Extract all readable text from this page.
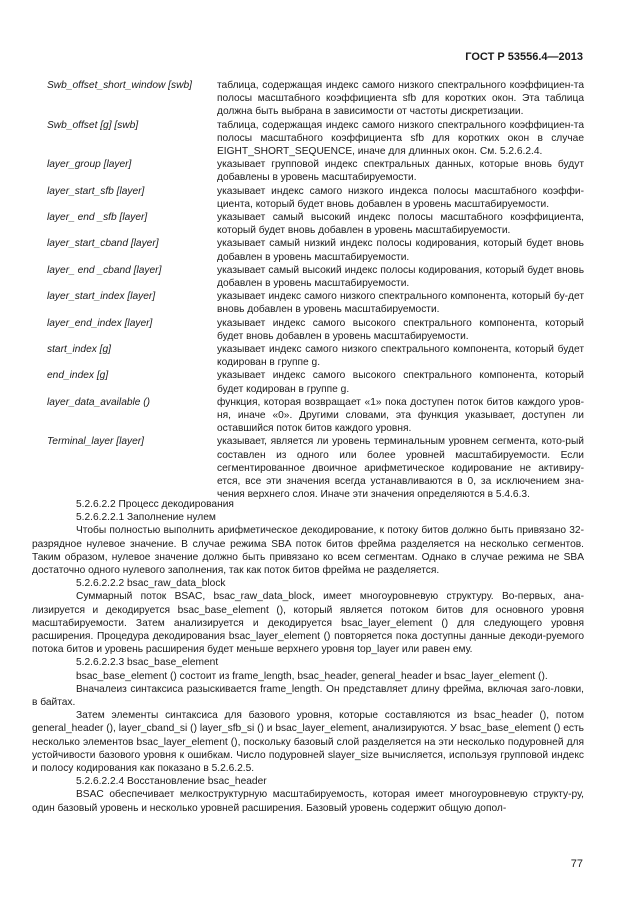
ГОСТ Р 53556.4—2013
Swb_offset_short_window [swb]	таблица, содержащая индекс самого низкого спектрального коэффициен-та полосы масштабного коэффициента sfb для коротких окон. Эта таблица должна быть выбрана в зависимости от частоты дискретизации.
Swb_offset [g] [swb]	таблица, содержащая индекс самого низкого спектрального коэффициен-та полосы масштабного коэффициента sfb для коротких окон в случае EIGHT_SHORT_SEQUENCE, иначе для длинных окон. См. 5.2.6.2.4.
layer_group [layer]	указывает групповой индекс спектральных данных, которые вновь будут добавлены в уровень масштабируемости.
layer_start_sfb [layer]	указывает индекс самого низкого индекса полосы масштабного коэффи-циента, который будет вновь добавлен в уровень масштабируемости.
layer_ end _sfb [layer]	указывает самый высокий индекс полосы масштабного коэффициента, который будет вновь добавлен в уровень масштабируемости.
layer_start_cband [layer]	указывает самый низкий индекс полосы кодирования, который будет вновь добавлен в уровень масштабируемости.
layer_ end _cband [layer]	указывает самый высокий индекс полосы кодирования, который будет вновь добавлен в уровень масштабируемости.
layer_start_index [layer]	указывает индекс самого низкого спектрального компонента, который бу-дет вновь добавлен в уровень масштабируемости.
layer_end_index [layer]	указывает индекс самого высокого спектрального компонента, который будет вновь добавлен в уровень масштабируемости.
start_index [g]	указывает индекс самого низкого спектрального компонента, который будет кодирован в группе g.
end_index [g]	указывает индекс самого высокого спектрального компонента, который будет кодирован в группе g.
layer_data_available ()	функция, которая возвращает «1» пока доступен поток битов каждого уров-ня, иначе «0». Другими словами, эта функция указывает, доступен ли оставшийся поток битов каждого уровня.
Terminal_layer [layer]	указывает, является ли уровень терминальным уровнем сегмента, кото-рый составлен из одного или более уровней масштабируемости. Если сегментированное двоичное арифметическое кодирование не активиру-ется, все эти значения всегда устанавливаются в 0, за исключением зна-чения верхнего слоя. Иначе эти значения определяются в 5.4.6.3.
5.2.6.2.2 Процесс декодирования
5.2.6.2.2.1 Заполнение нулем
Чтобы полностью выполнить арифметическое декодирование, к потоку битов должно быть привязано 32-разрядное нулевое значение. В случае режима SBA поток битов фрейма разделяется на несколько сегментов. Таким образом, нулевое значение должно быть привязано ко всем сегментам. Однако в случае режима не SBA достаточно одного нулевого заполнения, так как поток битов фрейма не разделяется.
5.2.6.2.2.2 bsac_raw_data_block
Суммарный поток BSAC, bsac_raw_data_block, имеет многоуровневую структуру. Во-первых, ана-лизируется и декодируется bsac_base_element (), который является потоком битов для основного уровня масштабируемости. Затем анализируется и декодируется bsac_layer_element () для следующего уровня расширения. Процедура декодирования bsac_layer_element () повторяется пока доступны данные декоди-руемого потока битов и уровень расширения будет меньше верхнего уровня top_layer или равен ему.
5.2.6.2.2.3 bsac_base_element
bsac_base_element () состоит из frame_length, bsac_header, general_header и bsac_layer_element ().
Вначалеиз синтаксиса разыскивается frame_length. Он представляет длину фрейма, включая заго-ловки, в байтах.
Затем элементы синтаксиса для базового уровня, которые составляются из bsac_header (), потом general_header (), layer_cband_si () layer_sfb_si () и bsac_layer_element, анализируются. У bsac_base_element () есть несколько элементов bsac_layer_element (), поскольку базовый слой разделяется на эти несколько подуровней для устойчивости базового уровня к ошибкам. Число подуровней slayer_size вычисляется, используя групповой индекс и полосу кодирования как показано в 5.2.6.2.5.
5.2.6.2.2.4 Восстановление bsac_header
BSAC обеспечивает мелкоструктурную масштабируемость, которая имеет многоуровневую структу-ру, один базовый уровень и несколько уровней расширения. Базовый уровень содержит общую допол-
77
